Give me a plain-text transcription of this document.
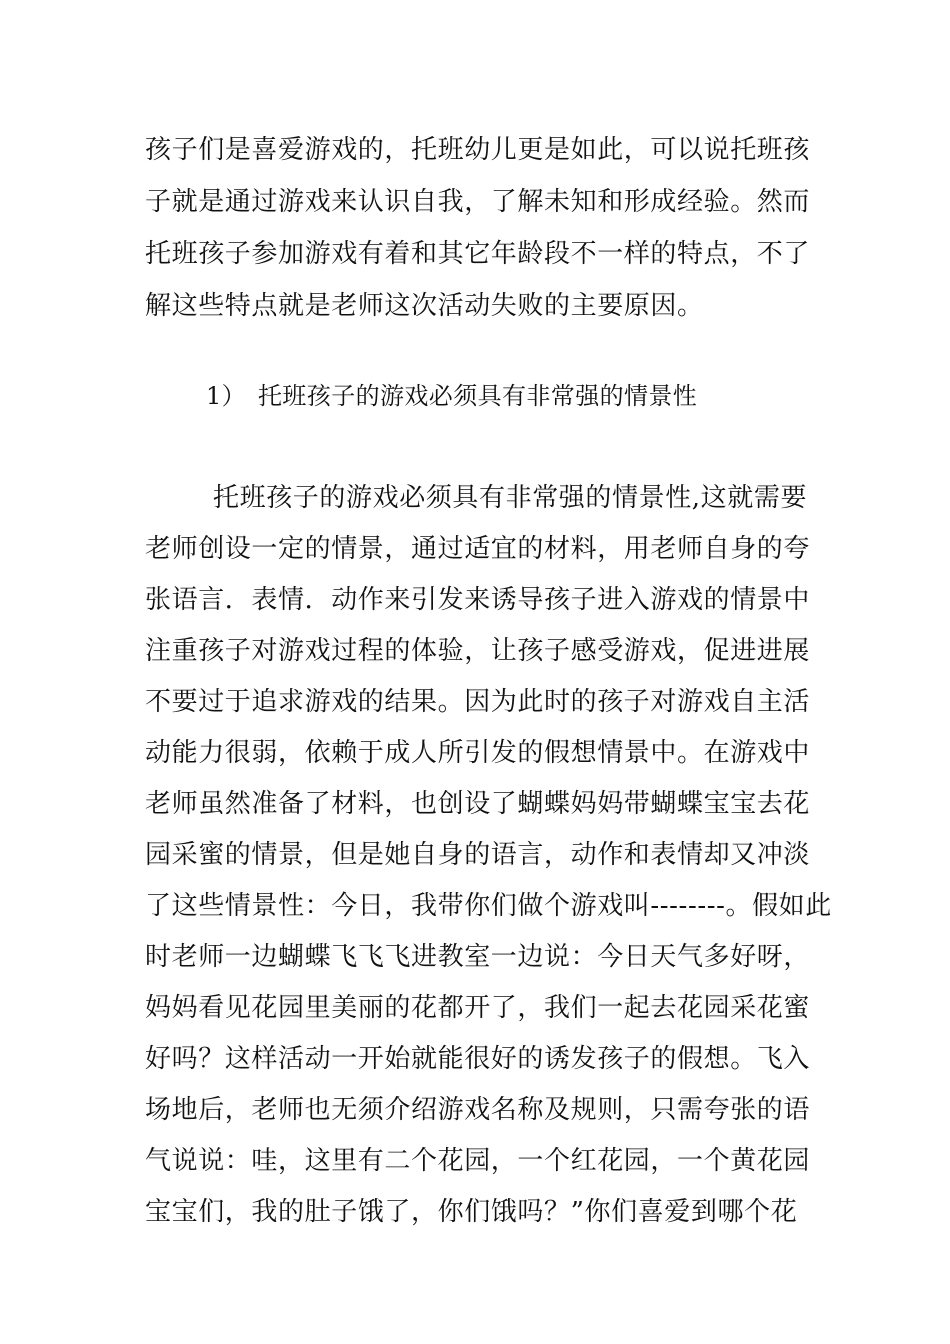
孩子们是喜爱游戏的，托班幼儿更是如此，可以说托班孩
子就是通过游戏来认识自我，了解未知和形成经验。然而
托班孩子参加游戏有着和其它年龄段不一样的特点，不了
解这些特点就是老师这次活动失败的主要原因。
1） 托班孩子的游戏必须具有非常强的情景性
托班孩子的游戏必须具有非常强的情景性,这就需要
老师创设一定的情景，通过适宜的材料，用老师自身的夸
张语言．表情．动作来引发来诱导孩子进入游戏的情景中
注重孩子对游戏过程的体验，让孩子感受游戏，促进进展
不要过于追求游戏的结果。因为此时的孩子对游戏自主活
动能力很弱，依赖于成人所引发的假想情景中。在游戏中
老师虽然准备了材料，也创设了蝴蝶妈妈带蝴蝶宝宝去花
园采蜜的情景，但是她自身的语言，动作和表情却又冲淡
了这些情景性：今日，我带你们做个游戏叫--------。假如此
时老师一边蝴蝶飞飞飞进教室一边说：今日天气多好呀，
妈妈看见花园里美丽的花都开了，我们一起去花园采花蜜
好吗？这样活动一开始就能很好的诱发孩子的假想。飞入
场地后，老师也无须介绍游戏名称及规则，只需夸张的语
气说说：哇，这里有二个花园，一个红花园，一个黄花园
宝宝们，我的肚子饿了，你们饿吗？”你们喜爱到哪个花
